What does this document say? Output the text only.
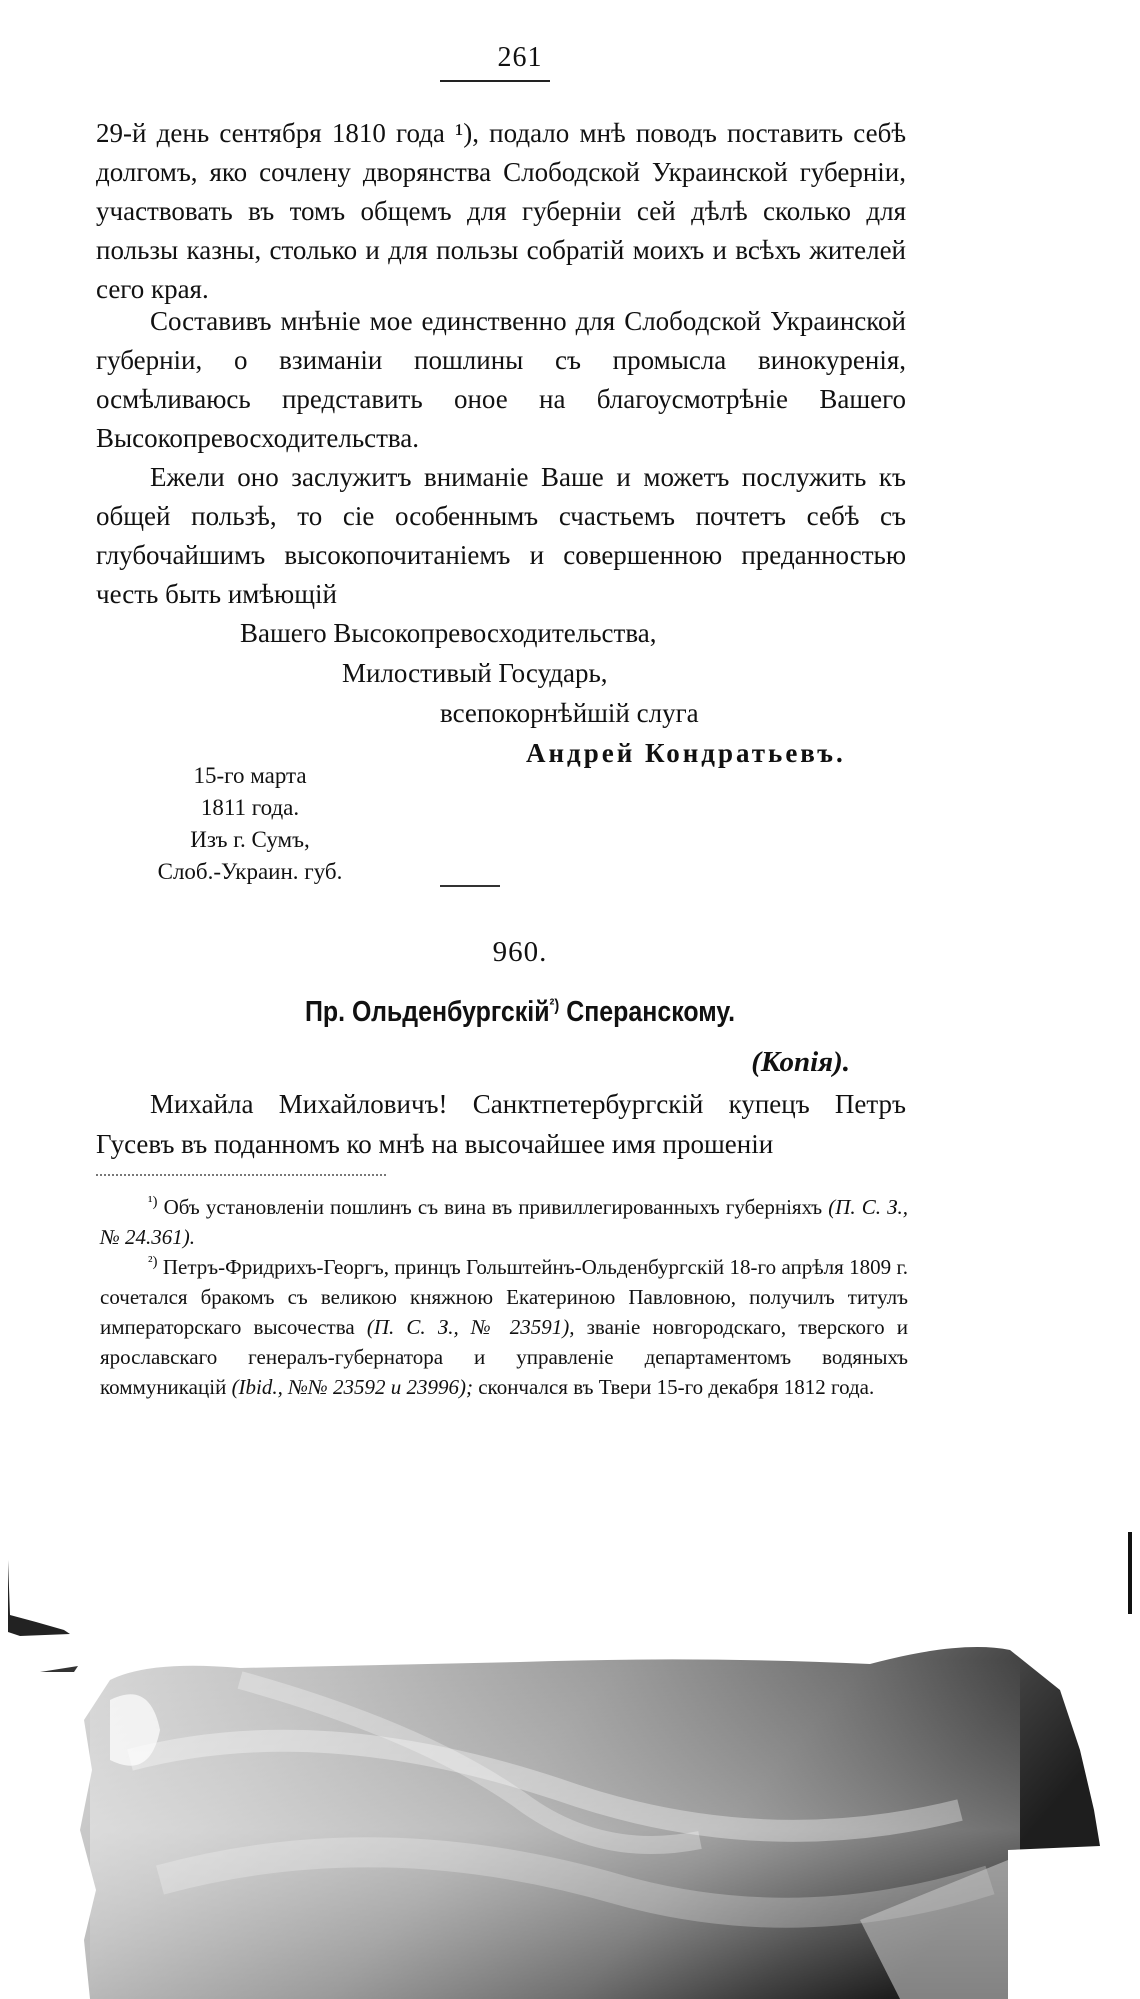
261

29-й день сентября 1810 года ¹), подало мнѣ поводъ поставить себѣ долгомъ, яко сочлену дворянства Слободской Украинской губерніи, участвовать въ томъ общемъ для губерніи сей дѣлѣ сколько для пользы казны, столько и для пользы собратій моихъ и всѣхъ жителей сего края.

Составивъ мнѣніе мое единственно для Слободской Украинской губерніи, о взиманіи пошлины съ промысла винокуренія, осмѣливаюсь представить оное на благоусмотрѣніе Вашего Высокопревосходительства.

Ежели оно заслужитъ вниманіе Ваше и можетъ послужить къ общей пользѣ, то сіе особеннымъ счастьемъ почтетъ себѣ съ глубочайшимъ высокопочитаніемъ и совершенною преданностью честь быть имѣющій

Вашего Высокопревосходительства,
Милостивый Государь,
всепокорнѣйшій слуга
Андрей Кондратьевъ.
15-го марта
1811 года.
Изъ г. Сумъ,
Слоб.-Украин. губ.
960.
Пр. Ольденбургскій$^{^2)}$ Сперанскому.
(Копія).

Михайла Михайловичъ! Санктпетербургскій купецъ Петръ Гусевъ въ поданномъ ко мнѣ на высочайшее имя прошеніи

$^{^1)}$ Объ установленіи пошлинъ съ вина въ привиллегированныхъ губерніяхъ (П. С. З., № 24.361).

$^{^2)}$ Петръ-Фридрихъ-Георгъ, принцъ Гольштейнъ-Ольденбургскій 18-го апрѣля 1809 г. сочетался бракомъ съ великою княжною Екатериною Павловною, получилъ титулъ императорскаго высочества (П. С. З., № 23591), званіе новгородскаго, тверского и ярославскаго генералъ-губернатора и управленіе департаментомъ водяныхъ коммуникацій (Ibid., №№ 23592 и 23996); скончался въ Твери 15-го декабря 1812 года.
